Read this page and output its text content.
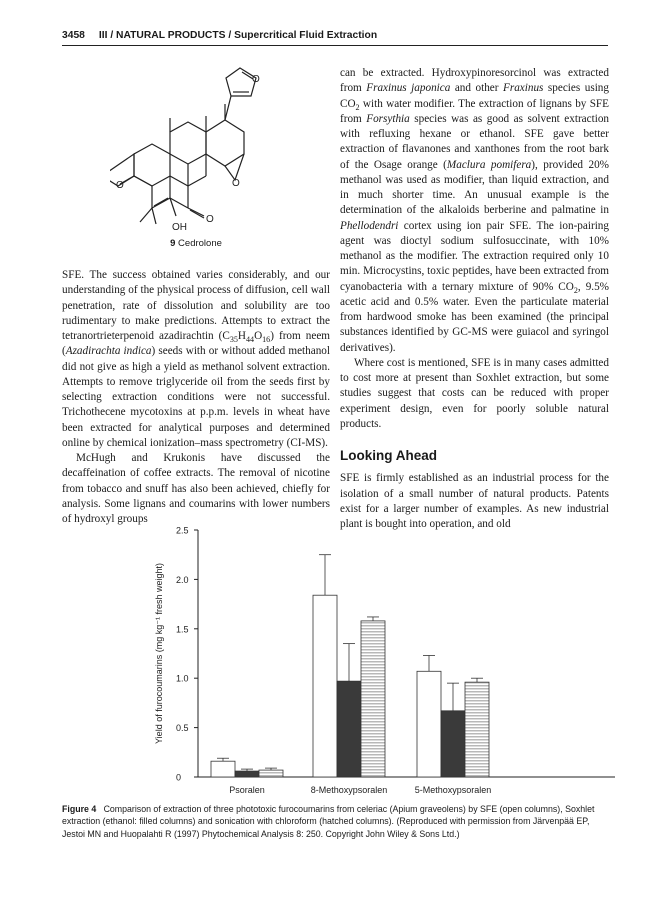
3458 III / NATURAL PRODUCTS / Supercritical Fluid Extraction
O
O
O
O
OH
9 Cedrolone

SFE. The success obtained varies considerably, and our understanding of the physical process of diffusion, cell wall penetration, rate of dissolution and solubility are too rudimentary to make predictions. Attempts to extract the tetranortrieterpenoid azadirachtin $(C_{35}H_{44}O_{16})$ from neem (Azadirachta indica) seeds with or without added methanol did not give as high a yield as methanol solvent extraction. Attempts to remove triglyceride oil from the seeds first by selecting extraction conditions were not successful. Trichothecene mycotoxins at p.p.m. levels in wheat have been extracted for analytical purposes and determined online by chemical ionization–mass spectrometry (CI-MS).

McHugh and Krukonis have discussed the decaffeination of coffee extracts. The removal of nicotine from tobacco and snuff has also been achieved, chiefly for analysis. Some lignans and coumarins with lower numbers of hydroxyl groups

can be extracted. Hydroxypinoresorcinol was extracted from Fraxinus japonica and other Fraxinus species using $CO_2$ with water modifier. The extraction of lignans by SFE from Forsythia species was as good as solvent extraction with refluxing hexane or ethanol. SFE gave better extraction of flavanones and xanthones from the root bark of the Osage orange (Maclura pomifera), provided 20% methanol was used as modifier, than liquid extraction, and in much shorter time. An unusual example is the determination of the alkaloids berberine and palmatine in Phellodendri cortex using ion pair SFE. The ion-pairing agent was dioctyl sodium sulfosuccinate, with 10% methanol as the modifier. The extraction required only 10 min. Microcystins, toxic peptides, have been extracted from cyanobacteria with a ternary mixture of 90% $CO_2$, 9.5% acetic acid and 0.5% water. Even the particulate material from hardwood smoke has been examined (the principal substances identified by GC-MS were guiacol and syringol derivatives).

Where cost is mentioned, SFE is in many cases admitted to cost more at present than Soxhlet extraction, but some studies suggest that costs can be reduced with proper experiment design, even for poorly soluble natural products.

Looking Ahead

SFE is firmly established as an industrial process for the isolation of a small number of natural products. Patents exist for a larger number of examples. As new industrial plant is bought into operation, and old

0
0.5
1.0
1.5
2.0
2.5
Yield of furocoumarins (mg kg⁻¹ fresh weight)
Psoralen	8-Methoxypsoralen	5-Methoxypsoralen
Figure 4 Comparison of extraction of three phototoxic furocoumarins from celeriac (Apium graveolens) by SFE (open columns), Soxhlet extraction (ethanol: filled columns) and sonication with chloroform (hatched columns). (Reproduced with permission from Järvenpää EP, Jestoi MN and Huopalahti R (1997) Phytochemical Analysis 8: 250. Copyright John Wiley & Sons Ltd.)
